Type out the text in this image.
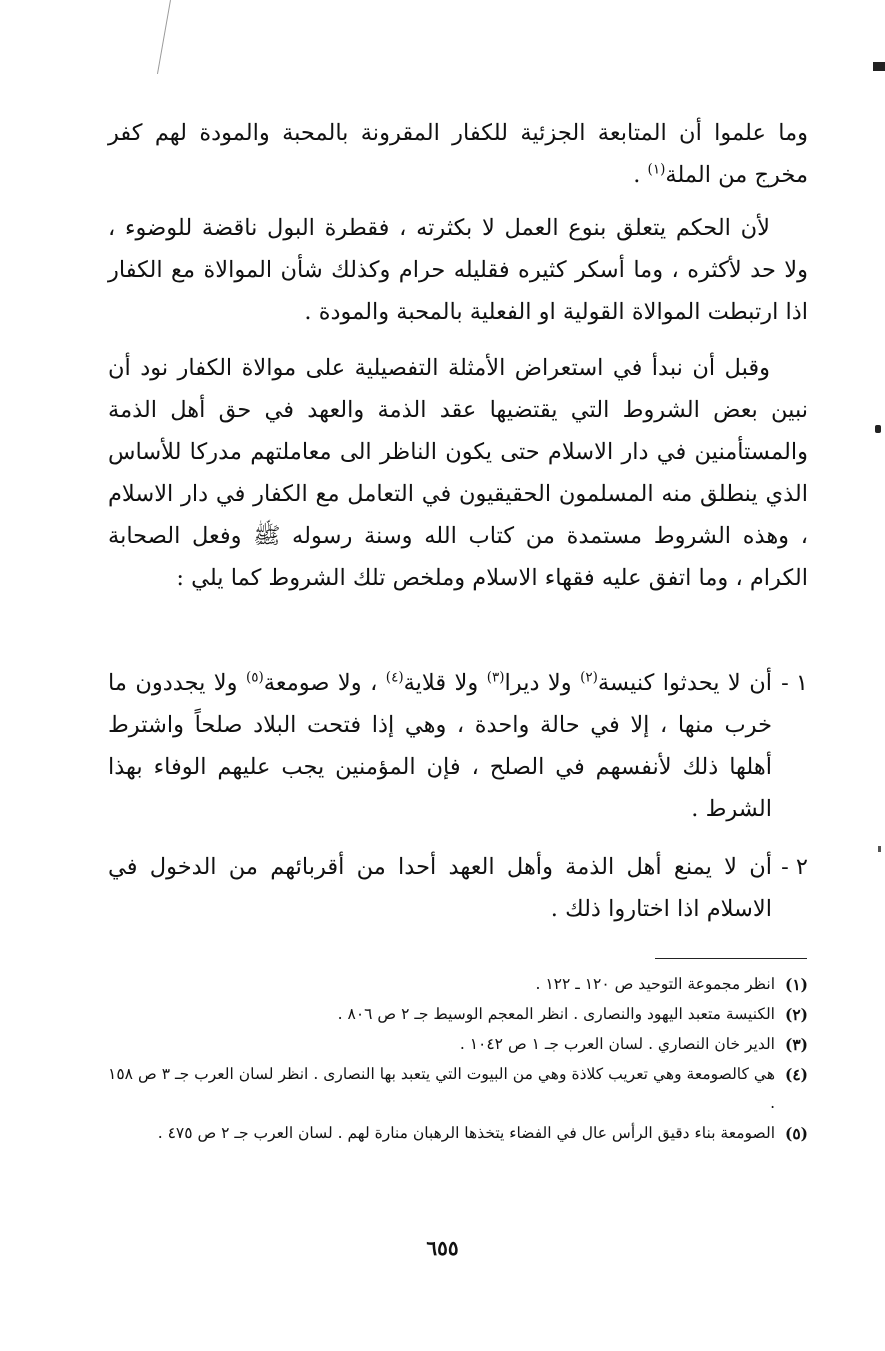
وما علموا أن المتابعة الجزئية للكفار المقرونة بالمحبة والمودة لهم كفر مخرج من الملة$^{(١)}$ .

لأن الحكم يتعلق بنوع العمل لا بكثرته ، فقطرة البول ناقضة للوضوء ، ولا حد لأكثره ، وما أسكر كثيره فقليله حرام وكذلك شأن الموالاة مع الكفار اذا ارتبطت الموالاة القولية او الفعلية بالمحبة والمودة .

وقبل أن نبدأ في استعراض الأمثلة التفصيلية على موالاة الكفار نود أن نبين بعض الشروط التي يقتضيها عقد الذمة والعهد في حق أهل الذمة والمستأمنين في دار الاسلام حتى يكون الناظر الى معاملتهم مدركا للأساس الذي ينطلق منه المسلمون الحقيقيون في التعامل مع الكفار في دار الاسلام ، وهذه الشروط مستمدة من كتاب الله وسنة رسوله ﷺ وفعل الصحابة الكرام ، وما اتفق عليه فقهاء الاسلام وملخص تلك الشروط كما يلي :

١ -
أن لا يحدثوا كنيسة$^{(٢)}$ ولا ديرا$^{(٣)}$ ولا قلاية$^{(٤)}$ ، ولا صومعة$^{(٥)}$ ولا يجددون ما خرب منها ، إلا في حالة واحدة ، وهي إذا فتحت البلاد صلحاً واشترط أهلها ذلك لأنفسهم في الصلح ، فإن المؤمنين يجب عليهم الوفاء بهذا الشرط .
٢ -
أن لا يمنع أهل الذمة وأهل العهد أحدا من أقربائهم من الدخول في الاسلام اذا اختاروا ذلك .
(١)
انظر مجموعة التوحيد ص ١٢٠ ـ ١٢٢ .
(٢)
الكنيسة متعبد اليهود والنصارى . انظر المعجم الوسيط جـ ٢ ص ٨٠٦ .
(٣)
الدير خان النصاري . لسان العرب جـ ١ ص ١٠٤٢ .
(٤)
هي كالصومعة وهي تعريب كلاذة وهي من البيوت التي يتعبد بها النصارى . انظر لسان العرب جـ ٣ ص ١٥٨ .
(٥)
الصومعة بناء دقيق الرأس عال في الفضاء يتخذها الرهبان منارة لهم . لسان العرب جـ ٢ ص ٤٧٥ .
٦٥٥
